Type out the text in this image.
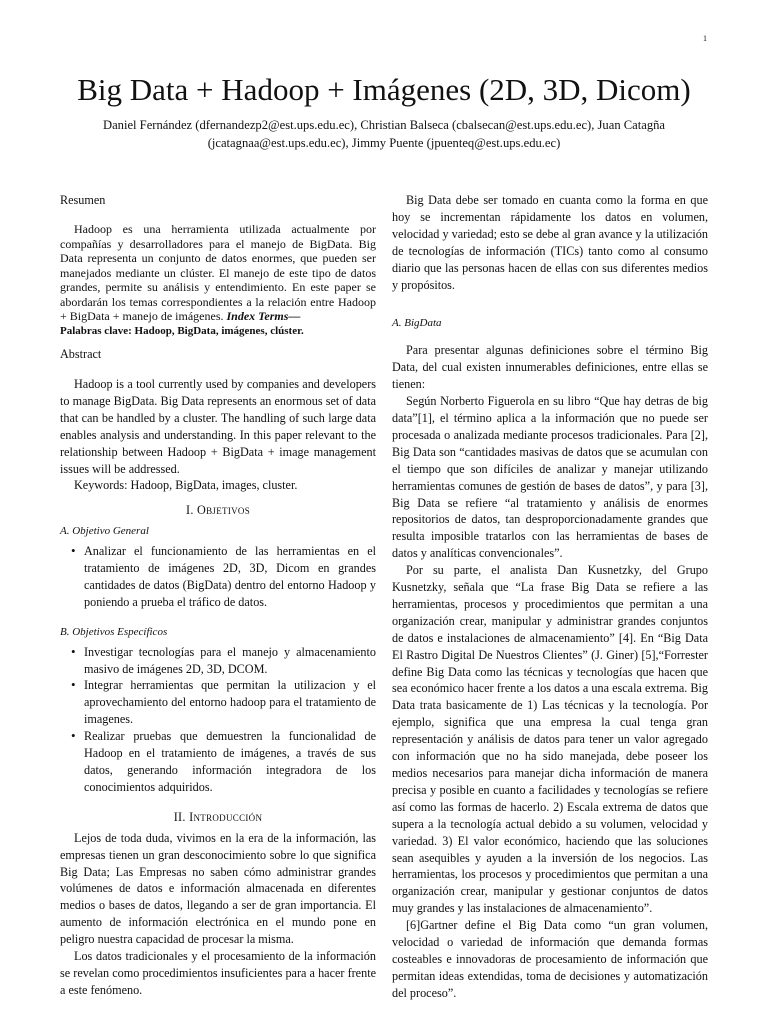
1
Big Data + Hadoop + Imágenes (2D, 3D, Dicom)
Daniel Fernández (dfernandezp2@est.ups.edu.ec), Christian Balseca (cbalsecan@est.ups.edu.ec), Juan Catagña
(jcatagnaa@est.ups.edu.ec), Jimmy Puente (jpuenteq@est.ups.edu.ec)

Resumen

Hadoop es una herramienta utilizada actualmente por compañías y desarrolladores para el manejo de BigData. Big Data representa un conjunto de datos enormes, que pueden ser manejados mediante un clúster. El manejo de este tipo de datos grandes, permite su análisis y entendimiento. En este paper se abordarán los temas correspondientes a la relación entre Hadoop + BigData + manejo de imágenes. Index Terms—

Palabras clave: Hadoop, BigData, imágenes, clúster.

Abstract

Hadoop is a tool currently used by companies and developers to manage BigData. Big Data represents an enormous set of data that can be handled by a cluster. The handling of such large data enables analysis and understanding. In this paper relevant to the relationship between Hadoop + BigData + image management issues will be addressed.

Keywords: Hadoop, BigData, images, cluster.

I. Objetivos

A. Objetivo General

• Analizar el funcionamiento de las herramientas en el tratamiento de imágenes 2D, 3D, Dicom en grandes cantidades de datos (BigData) dentro del entorno Hadoop y poniendo a prueba el tráfico de datos.

B. Objetivos Específicos

• Investigar tecnologías para el manejo y almacenamiento masivo de imágenes 2D, 3D, DCOM.
• Integrar herramientas que permitan la utilizacion y el aprovechamiento del entorno hadoop para el tratamiento de imagenes.
• Realizar pruebas que demuestren la funcionalidad de Hadoop en el tratamiento de imágenes, a través de sus datos, generando información integradora de los conocimientos adquiridos.

II. Introducción

Lejos de toda duda, vivimos en la era de la información, las empresas tienen un gran desconocimiento sobre lo que significa Big Data; Las Empresas no saben cómo administrar grandes volúmenes de datos e información almacenada en diferentes medios o bases de datos, llegando a ser de gran importancia. El aumento de información electrónica en el mundo pone en peligro nuestra capacidad de procesar la misma.

Los datos tradicionales y el procesamiento de la información se revelan como procedimientos insuficientes para a hacer frente a este fenómeno.

Big Data debe ser tomado en cuanta como la forma en que hoy se incrementan rápidamente los datos en volumen, velocidad y variedad; esto se debe al gran avance y la utilización de tecnologías de información (TICs) tanto como al consumo diario que las personas hacen de ellas con sus diferentes medios y propósitos.

A. BigData

Para presentar algunas definiciones sobre el término Big Data, del cual existen innumerables definiciones, entre ellas se tienen:

Según Norberto Figuerola en su libro “Que hay detras de big data”[1], el término aplica a la información que no puede ser procesada o analizada mediante procesos tradicionales. Para [2], Big Data son “cantidades masivas de datos que se acumulan con el tiempo que son difíciles de analizar y manejar utilizando herramientas comunes de gestión de bases de datos”, y para [3], Big Data se refiere “al tratamiento y análisis de enormes repositorios de datos, tan desproporcionadamente grandes que resulta imposible tratarlos con las herramientas de bases de datos y analíticas convencionales”.

Por su parte, el analista Dan Kusnetzky, del Grupo Kusnetzky, señala que “La frase Big Data se refiere a las herramientas, procesos y procedimientos que permitan a una organización crear, manipular y administrar grandes conjuntos de datos e instalaciones de almacenamiento” [4]. En “Big Data El Rastro Digital De Nuestros Clientes” (J. Giner) [5],“Forrester define Big Data como las técnicas y tecnologías que hacen que sea económico hacer frente a los datos a una escala extrema. Big Data trata basicamente de 1) Las técnicas y la tecnología. Por ejemplo, significa que una empresa la cual tenga gran representación y análisis de datos para tener un valor agregado con información que no ha sido manejada, debe poseer los medios necesarios para manejar dicha información de manera precisa y posible en cuanto a facilidades y tecnologías se refiere así como las formas de hacerlo. 2) Escala extrema de datos que supera a la tecnología actual debido a su volumen, velocidad y variedad. 3) El valor económico, haciendo que las soluciones sean asequibles y ayuden a la inversión de los negocios. Las herramientas, los procesos y procedimientos que permitan a una organización crear, manipular y gestionar conjuntos de datos muy grandes y las instalaciones de almacenamiento”.

[6]Gartner define el Big Data como “un gran volumen, velocidad o variedad de información que demanda formas costeables e innovadoras de procesamiento de información que permitan ideas extendidas, toma de decisiones y automatización del proceso”.
